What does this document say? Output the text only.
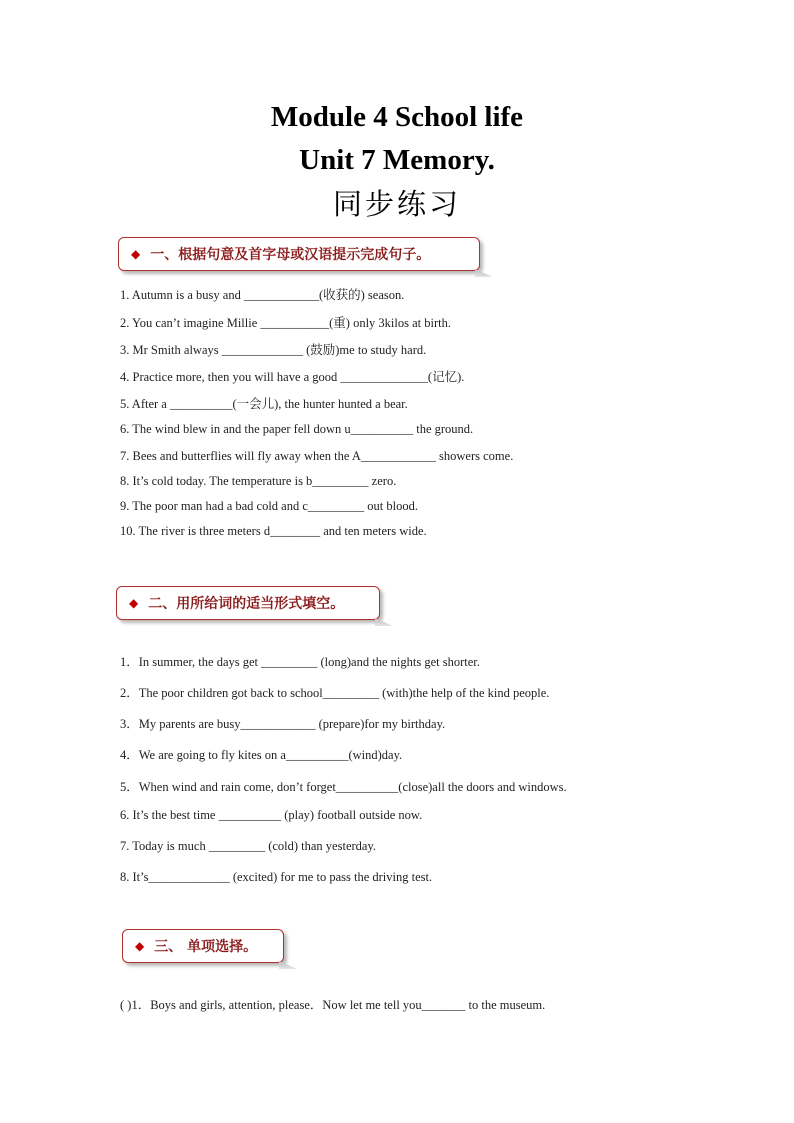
Module 4 School life
Unit 7 Memory.
同步练习
◆ 一、根据句意及首字母或汉语提示完成句子。
1. Autumn is a busy and ____________(收获的) season.
2. You can’t imagine Millie ___________(重) only 3kilos at birth.
3. Mr Smith always _____________ (鼓励)me to study hard.
4. Practice more, then you will have a good ______________(记忆).
5. After a __________(一会儿), the hunter hunted a bear.
6. The wind blew in and the paper fell down u__________ the ground.
7. Bees and butterflies will fly away when the A____________ showers come.
8. It’s cold today. The temperature is b_________ zero.
9. The poor man had a bad cold and c_________ out blood.
10. The river is three meters d________ and ten meters wide.
◆ 二、用所给词的适当形式填空。
1．In summer, the days get _________ (long)and the nights get shorter.
2．The poor children got back to school_________ (with)the help of the kind people.
3．My parents are busy____________ (prepare)for my birthday.
4．We are going to fly kites on a__________(wind)day.
5．When wind and rain come, don’t forget__________(close)all the doors and windows.
6. It’s the best time __________ (play) football outside now.
7. Today is much _________ (cold) than yesterday.
8. It’s_____________ (excited) for me to pass the driving test.
◆ 三、 单项选择。
( )1．Boys and girls, attention, please．Now let me tell you_______ to the museum.
